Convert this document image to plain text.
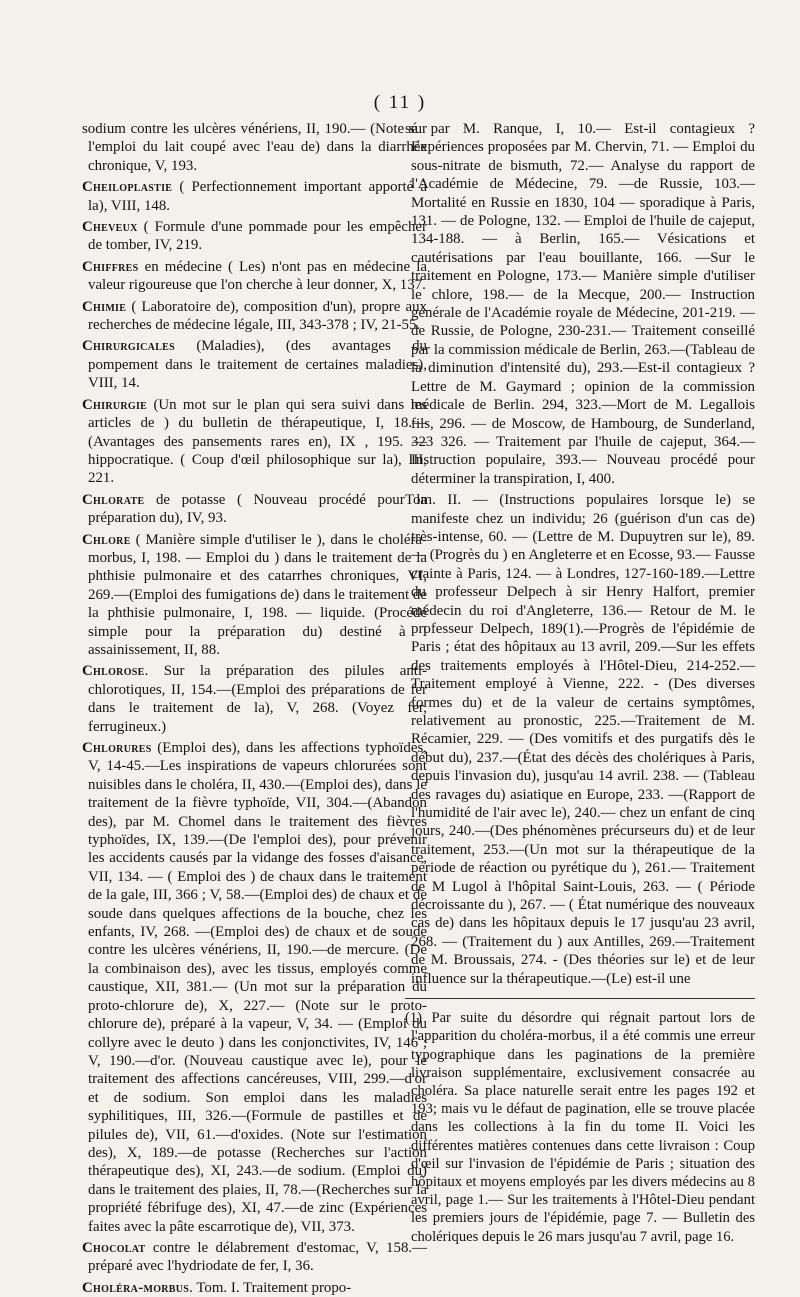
( 11 )

sodium contre les ulcères vénériens, II, 190.— (Note sur l'emploi du lait coupé avec l'eau de) dans la diarrhée chronique, V, 193.

Cheiloplastie ( Perfectionnement important apporté à la), VIII, 148.

Cheveux ( Formule d'une pommade pour les empêcher de tomber, IV, 219.

Chiffres en médecine ( Les) n'ont pas en médecine la valeur rigoureuse que l'on cherche à leur donner, X, 137.

Chimie ( Laboratoire de), composition d'un), propre aux recherches de médecine légale, III, 343-378 ; IV, 21-55.

Chirurgicales (Maladies), (des avantages du pompement dans le traitement de certaines maladies), VIII, 14.

Chirurgie (Un mot sur le plan qui sera suivi dans les articles de ) du bulletin de thérapeutique, I, 18.—(Avantages des pansements rares en), IX , 195. — hippocratique. ( Coup d'œil philosophique sur la), III, 221.

Chlorate de potasse ( Nouveau procédé pour la préparation du), IV, 93.

Chlore ( Manière simple d'utiliser le ), dans le choléra-morbus, I, 198. — Emploi du ) dans le traitement de la phthisie pulmonaire et des catarrhes chroniques, VI, 269.—(Emploi des fumigations de) dans le traitement de la phthisie pulmonaire, I, 198. — liquide. (Procédé simple pour la préparation du) destiné à l assainissement, II, 88.

Chlorose. Sur la préparation des pilules anti-chlorotiques, II, 154.—(Emploi des préparations de fer dans le traitement de la), V, 268. (Voyez fer, ferrugineux.)

Chlorures (Emploi des), dans les affections typhoïdes, V, 14-45.—Les inspirations de vapeurs chlorurées sont nuisibles dans le choléra, II, 430.—(Emploi des), dans le traitement de la fièvre typhoïde, VII, 304.—(Abandon des), par M. Chomel dans le traitement des fièvres typhoïdes, IX, 139.—(De l'emploi des), pour prévenir les accidents causés par la vidange des fosses d'aisance, VII, 134. — ( Emploi des ) de chaux dans le traitement de la gale, III, 366 ; V, 58.—(Emploi des) de chaux et de soude dans quelques affections de la bouche, chez les enfants, IV, 268. —(Emploi des) de chaux et de soude contre les ulcères vénériens, II, 190.—de mercure. (De la combinaison des), avec les tissus, employés comme caustique, XII, 381.— (Un mot sur la préparation du proto-chlorure de), X, 227.— (Note sur le proto-chlorure de), préparé à la vapeur, V, 34. — (Emploi du collyre avec le deuto ) dans les conjonctivites, IV, 146 ; V, 190.—d'or. (Nouveau caustique avec le), pour le traitement des affections cancéreuses, VIII, 299.—d'or et de sodium. Son emploi dans les maladies syphilitiques, III, 326.—(Formule de pastilles et de pilules de), VII, 61.—d'oxides. (Note sur l'estimation des), X, 189.—de potasse (Recherches sur l'action thérapeutique des), XI, 243.—de sodium. (Emploi du) dans le traitement des plaies, II, 78.—(Recherches sur la propriété fébrifuge des), XI, 47.—de zinc (Expériences faites avec la pâte escarrotique de), VII, 373.

Chocolat contre le délabrement d'estomac, V, 158.— préparé avec l'hydriodate de fer, I, 36.

Choléra-morbus. Tom. I. Traitement propo-

sé par M. Ranque, I, 10.— Est-il contagieux ? Expériences proposées par M. Chervin, 71. — Emploi du sous-nitrate de bismuth, 72.— Analyse du rapport de l'Académie de Médecine, 79. —de Russie, 103.—Mortalité en Russie en 1830, 104 — sporadique à Paris, 131. — de Pologne, 132. — Emploi de l'huile de cajeput, 134-188. — à Berlin, 165.— Vésications et cautérisations par l'eau bouillante, 166. —Sur le traitement en Pologne, 173.— Manière simple d'utiliser le chlore, 198.— de la Mecque, 200.— Instruction générale de l'Académie royale de Médecine, 201-219. — de Russie, de Pologne, 230-231.— Traitement conseillé par la commission médicale de Berlin, 263.—(Tableau de la diminution d'intensité du), 293.—Est-il contagieux ? Lettre de M. Gaymard ; opinion de la commission médicale de Berlin. 294, 323.—Mort de M. Legallois fils, 296. — de Moscow, de Hambourg, de Sunderland, 323 326. — Traitement par l'huile de cajeput, 364.—Instruction populaire, 393.— Nouveau procédé pour déterminer la transpiration, I, 400.

Tom. II. — (Instructions populaires lorsque le) se manifeste chez un individu; 26 (guérison d'un cas de) très-intense, 60. — (Lettre de M. Dupuytren sur le), 89. — (Progrès du ) en Angleterre et en Ecosse, 93.— Fausse crainte à Paris, 124. — à Londres, 127-160-189.—Lettre du professeur Delpech à sir Henry Halfort, premier médecin du roi d'Angleterre, 136.— Retour de M. le professeur Delpech, 189(1).—Progrès de l'épidémie de Paris ; état des hôpitaux au 13 avril, 209.—Sur les effets des traitements employés à l'Hôtel-Dieu, 214-252.—Traitement employé à Vienne, 222. - (Des diverses formes du) et de la valeur de certains symptômes, relativement au pronostic, 225.—Traitement de M. Récamier, 229. — (Des vomitifs et des purgatifs dès le début du), 237.—(État des décès des cholériques à Paris, depuis l'invasion du), jusqu'au 14 avril. 238. — (Tableau des ravages du) asiatique en Europe, 233. —(Rapport de l'humidité de l'air avec le), 240.— chez un enfant de cinq jours, 240.—(Des phénomènes précurseurs du) et de leur traitement, 253.—(Un mot sur la thérapeutique de la période de réaction ou pyrétique du ), 261.— Traitement de M Lugol à l'hôpital Saint-Louis, 263. — ( Période décroissante du ), 267. — ( État numérique des nouveaux cas de) dans les hôpitaux depuis le 17 jusqu'au 23 avril, 268. — (Traitement du ) aux Antilles, 269.—Traitement de M. Broussais, 274. - (Des théories sur le) et de leur influence sur la thérapeutique.—(Le) est-il une

(1) Par suite du désordre qui régnait partout lors de l'apparition du choléra-morbus, il a été commis une erreur typographique dans les paginations de la première livraison supplémentaire, exclusivement consacrée au choléra. Sa place naturelle serait entre les pages 192 et 193; mais vu le défaut de pagination, elle se trouve placée dans les collections à la fin du tome II. Voici les différentes matières contenues dans cette livraison : Coup d'œil sur l'invasion de l'épidémie de Paris ; situation des hôpitaux et moyens employés par les divers médecins au 8 avril, page 1.— Sur les traitements à l'Hôtel-Dieu pendant les premiers jours de l'épidémie, page 7. — Bulletin des cholériques depuis le 26 mars jusqu'au 7 avril, page 16.
